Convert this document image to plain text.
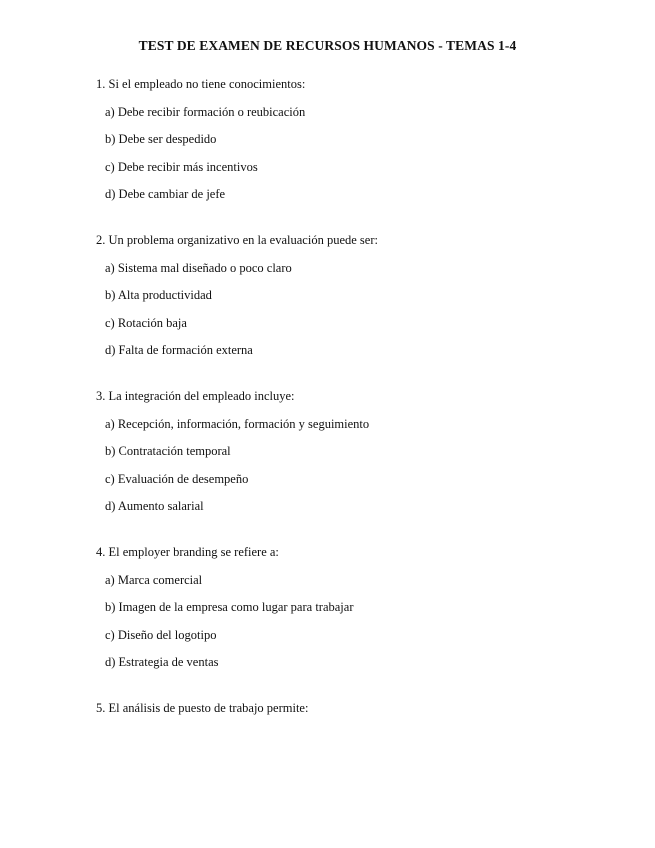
TEST DE EXAMEN DE RECURSOS HUMANOS - TEMAS 1-4
1. Si el empleado no tiene conocimientos:
a) Debe recibir formación o reubicación
b) Debe ser despedido
c) Debe recibir más incentivos
d) Debe cambiar de jefe
2. Un problema organizativo en la evaluación puede ser:
a) Sistema mal diseñado o poco claro
b) Alta productividad
c) Rotación baja
d) Falta de formación externa
3. La integración del empleado incluye:
a) Recepción, información, formación y seguimiento
b) Contratación temporal
c) Evaluación de desempeño
d) Aumento salarial
4. El employer branding se refiere a:
a) Marca comercial
b) Imagen de la empresa como lugar para trabajar
c) Diseño del logotipo
d) Estrategia de ventas
5. El análisis de puesto de trabajo permite:
